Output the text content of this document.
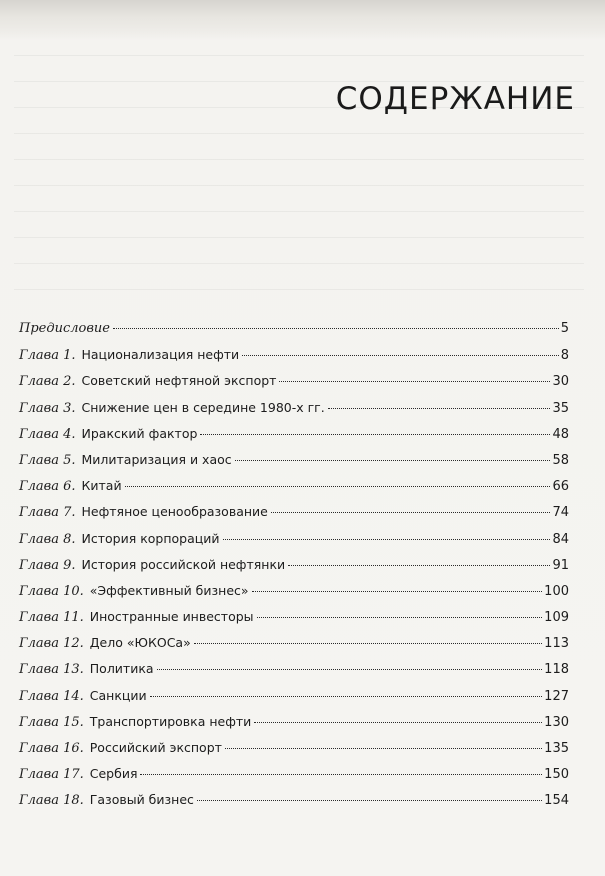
СОДЕРЖАНИЕ
Предисловие	5
Глава 1. Национализация нефти	8
Глава 2. Советский нефтяной экспорт	30
Глава 3. Снижение цен в середине 1980-х гг.	35
Глава 4. Иракский фактор	48
Глава 5. Милитаризация и хаос	58
Глава 6. Китай	66
Глава 7. Нефтяное ценообразование	74
Глава 8. История корпораций	84
Глава 9. История российской нефтянки	91
Глава 10. «Эффективный бизнес»	100
Глава 11. Иностранные инвесторы	109
Глава 12. Дело «ЮКОСа»	113
Глава 13. Политика	118
Глава 14. Санкции	127
Глава 15. Транспортировка нефти	130
Глава 16. Российский экспорт	135
Глава 17. Сербия	150
Глава 18. Газовый бизнес	154
